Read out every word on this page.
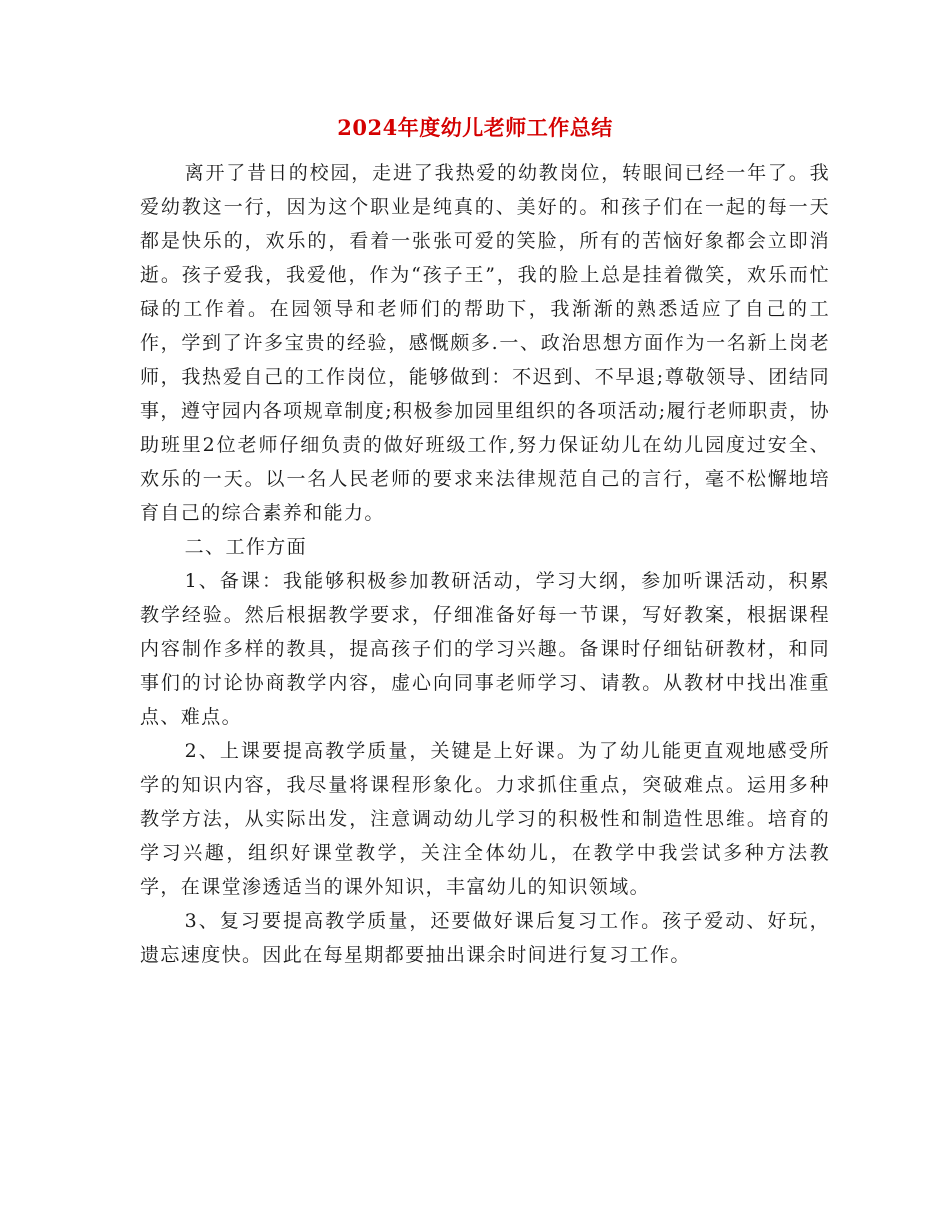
2024年度幼儿老师工作总结

离开了昔日的校园，走进了我热爱的幼教岗位，转眼间已经一年了。我爱幼教这一行，因为这个职业是纯真的、美好的。和孩子们在一起的每一天都是快乐的，欢乐的，看着一张张可爱的笑脸，所有的苦恼好象都会立即消逝。孩子爱我，我爱他，作为“孩子王”，我的脸上总是挂着微笑，欢乐而忙碌的工作着。在园领导和老师们的帮助下，我渐渐的熟悉适应了自己的工作，学到了许多宝贵的经验，感慨颇多.一、政治思想方面作为一名新上岗老师，我热爱自己的工作岗位，能够做到：不迟到、不早退;尊敬领导、团结同事，遵守园内各项规章制度;积极参加园里组织的各项活动;履行老师职责，协助班里2位老师仔细负责的做好班级工作,努力保证幼儿在幼儿园度过安全、欢乐的一天。以一名人民老师的要求来法律规范自己的言行，毫不松懈地培育自己的综合素养和能力。

二、工作方面

1、备课：我能够积极参加教研活动，学习大纲，参加听课活动，积累教学经验。然后根据教学要求，仔细准备好每一节课，写好教案，根据课程内容制作多样的教具，提高孩子们的学习兴趣。备课时仔细钻研教材，和同事们的讨论协商教学内容，虚心向同事老师学习、请教。从教材中找出准重点、难点。

2、上课要提高教学质量，关键是上好课。为了幼儿能更直观地感受所学的知识内容，我尽量将课程形象化。力求抓住重点，突破难点。运用多种教学方法，从实际出发，注意调动幼儿学习的积极性和制造性思维。培育的学习兴趣，组织好课堂教学，关注全体幼儿，在教学中我尝试多种方法教学，在课堂渗透适当的课外知识，丰富幼儿的知识领域。

3、复习要提高教学质量，还要做好课后复习工作。孩子爱动、好玩，遗忘速度快。因此在每星期都要抽出课余时间进行复习工作。
